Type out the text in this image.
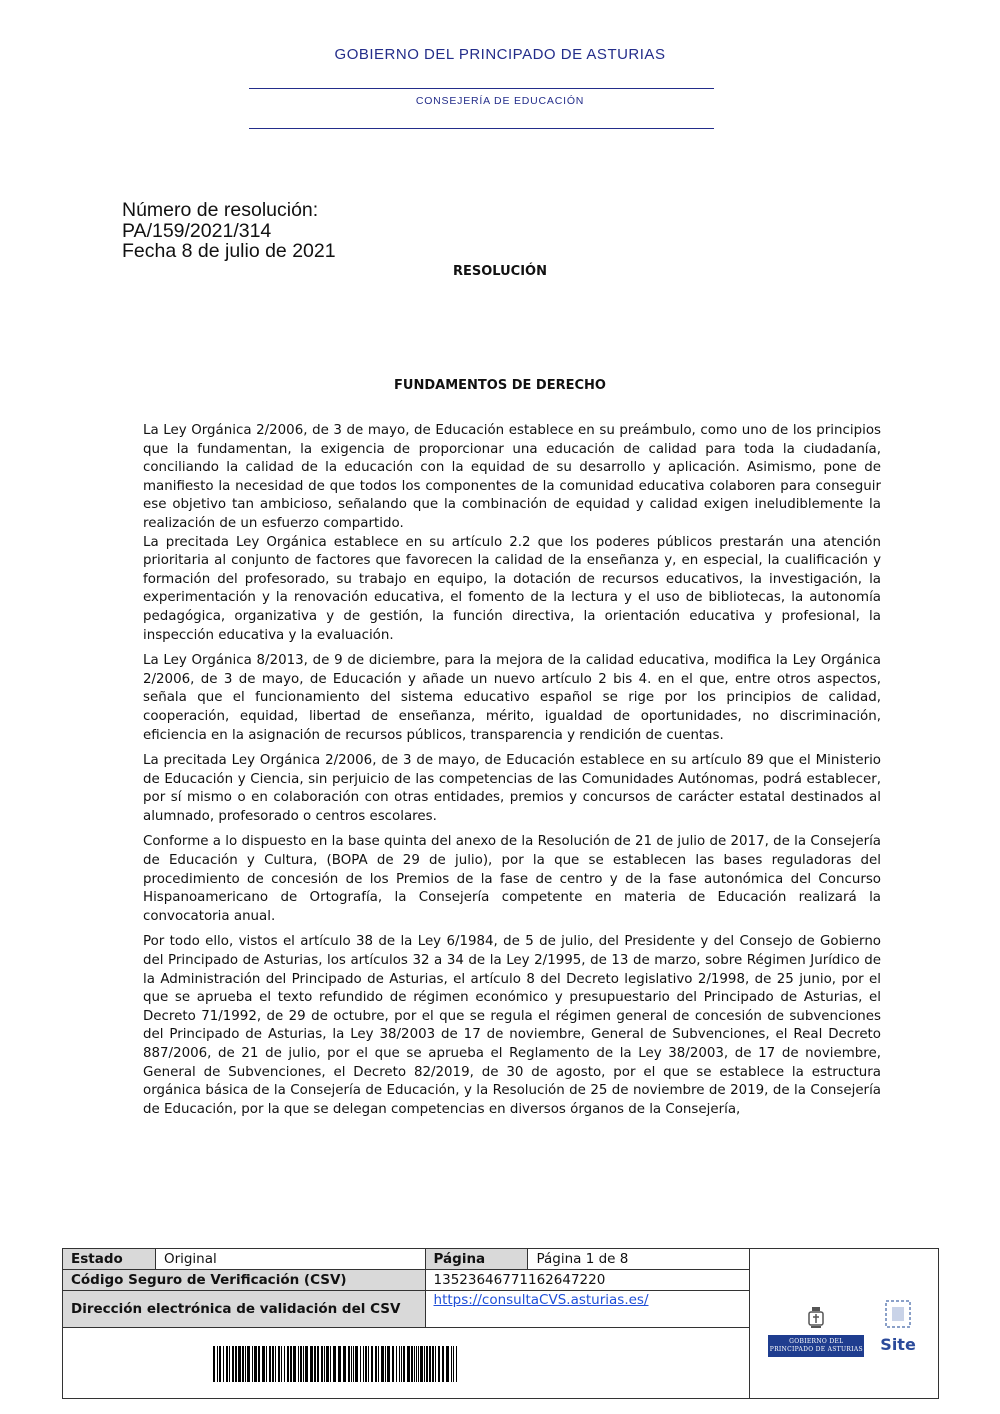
GOBIERNO DEL PRINCIPADO DE ASTURIAS
CONSEJERÍA DE EDUCACIÓN
Número de resolución:
PA/159/2021/314
Fecha 8 de julio de 2021
RESOLUCIÓN
FUNDAMENTOS DE DERECHO

La Ley Orgánica 2/2006, de 3 de mayo, de Educación establece en su preámbulo, como uno de los principios que la fundamentan, la exigencia de proporcionar una educación de calidad para toda la ciudadanía, conciliando la calidad de la educación con la equidad de su desarrollo y aplicación. Asimismo, pone de manifiesto la necesidad de que todos los componentes de la comunidad educativa colaboren para conseguir ese objetivo tan ambicioso, señalando que la combinación de equidad y calidad exigen ineludiblemente la realización de un esfuerzo compartido.

La precitada Ley Orgánica establece en su artículo 2.2 que los poderes públicos prestarán una atención prioritaria al conjunto de factores que favorecen la calidad de la enseñanza y, en especial, la cualificación y formación del profesorado, su trabajo en equipo, la dotación de recursos educativos, la investigación, la experimentación y la renovación educativa, el fomento de la lectura y el uso de bibliotecas, la autonomía pedagógica, organizativa y de gestión, la función directiva, la orientación educativa y profesional, la inspección educativa y la evaluación.

La Ley Orgánica 8/2013, de 9 de diciembre, para la mejora de la calidad educativa, modifica la Ley Orgánica 2/2006, de 3 de mayo, de Educación y añade un nuevo artículo 2 bis 4. en el que, entre otros aspectos, señala que el funcionamiento del sistema educativo español se rige por los principios de calidad, cooperación, equidad, libertad de enseñanza, mérito, igualdad de oportunidades, no discriminación, eficiencia en la asignación de recursos públicos, transparencia y rendición de cuentas.

La precitada Ley Orgánica 2/2006, de 3 de mayo, de Educación establece en su artículo 89 que el Ministerio de Educación y Ciencia, sin perjuicio de las competencias de las Comunidades Autónomas, podrá establecer, por sí mismo o en colaboración con otras entidades, premios y concursos de carácter estatal destinados al alumnado, profesorado o centros escolares.

Conforme a lo dispuesto en la base quinta del anexo de la Resolución de 21 de julio de 2017, de la Consejería de Educación y Cultura, (BOPA de 29 de julio), por la que se establecen las bases reguladoras del procedimiento de concesión de los Premios de la fase de centro y de la fase autonómica del Concurso Hispanoamericano de Ortografía, la Consejería competente en materia de Educación realizará la convocatoria anual.

Por todo ello, vistos el artículo 38 de la Ley 6/1984, de 5 de julio, del Presidente y del Consejo de Gobierno del Principado de Asturias, los artículos 32 a 34 de la Ley 2/1995, de 13 de marzo, sobre Régimen Jurídico de la Administración del Principado de Asturias, el artículo 8 del Decreto legislativo 2/1998, de 25 junio, por el que se aprueba el texto refundido de régimen económico y presupuestario del Principado de Asturias, el Decreto 71/1992, de 29 de octubre, por el que se regula el régimen general de concesión de subvenciones del Principado de Asturias, la Ley 38/2003 de 17 de noviembre, General de Subvenciones, el Real Decreto 887/2006, de 21 de julio, por el que se aprueba el Reglamento de la Ley 38/2003, de 17 de noviembre, General de Subvenciones, el Decreto 82/2019, de 30 de agosto, por el que se establece la estructura orgánica básica de la Consejería de Educación, y la Resolución de 25 de noviembre de 2019, de la Consejería de Educación, por la que se delegan competencias en diversos órganos de la Consejería,

Estado	Original	Página	Página 1 de 8	GOBIERNO DEL
PRINCIPADO DE ASTURIAS Site

Código Seguro de Verificación (CSV)		13523646771162647220		
Dirección electrónica de validación del CSV		https://consultaCVS.asturias.es/		
